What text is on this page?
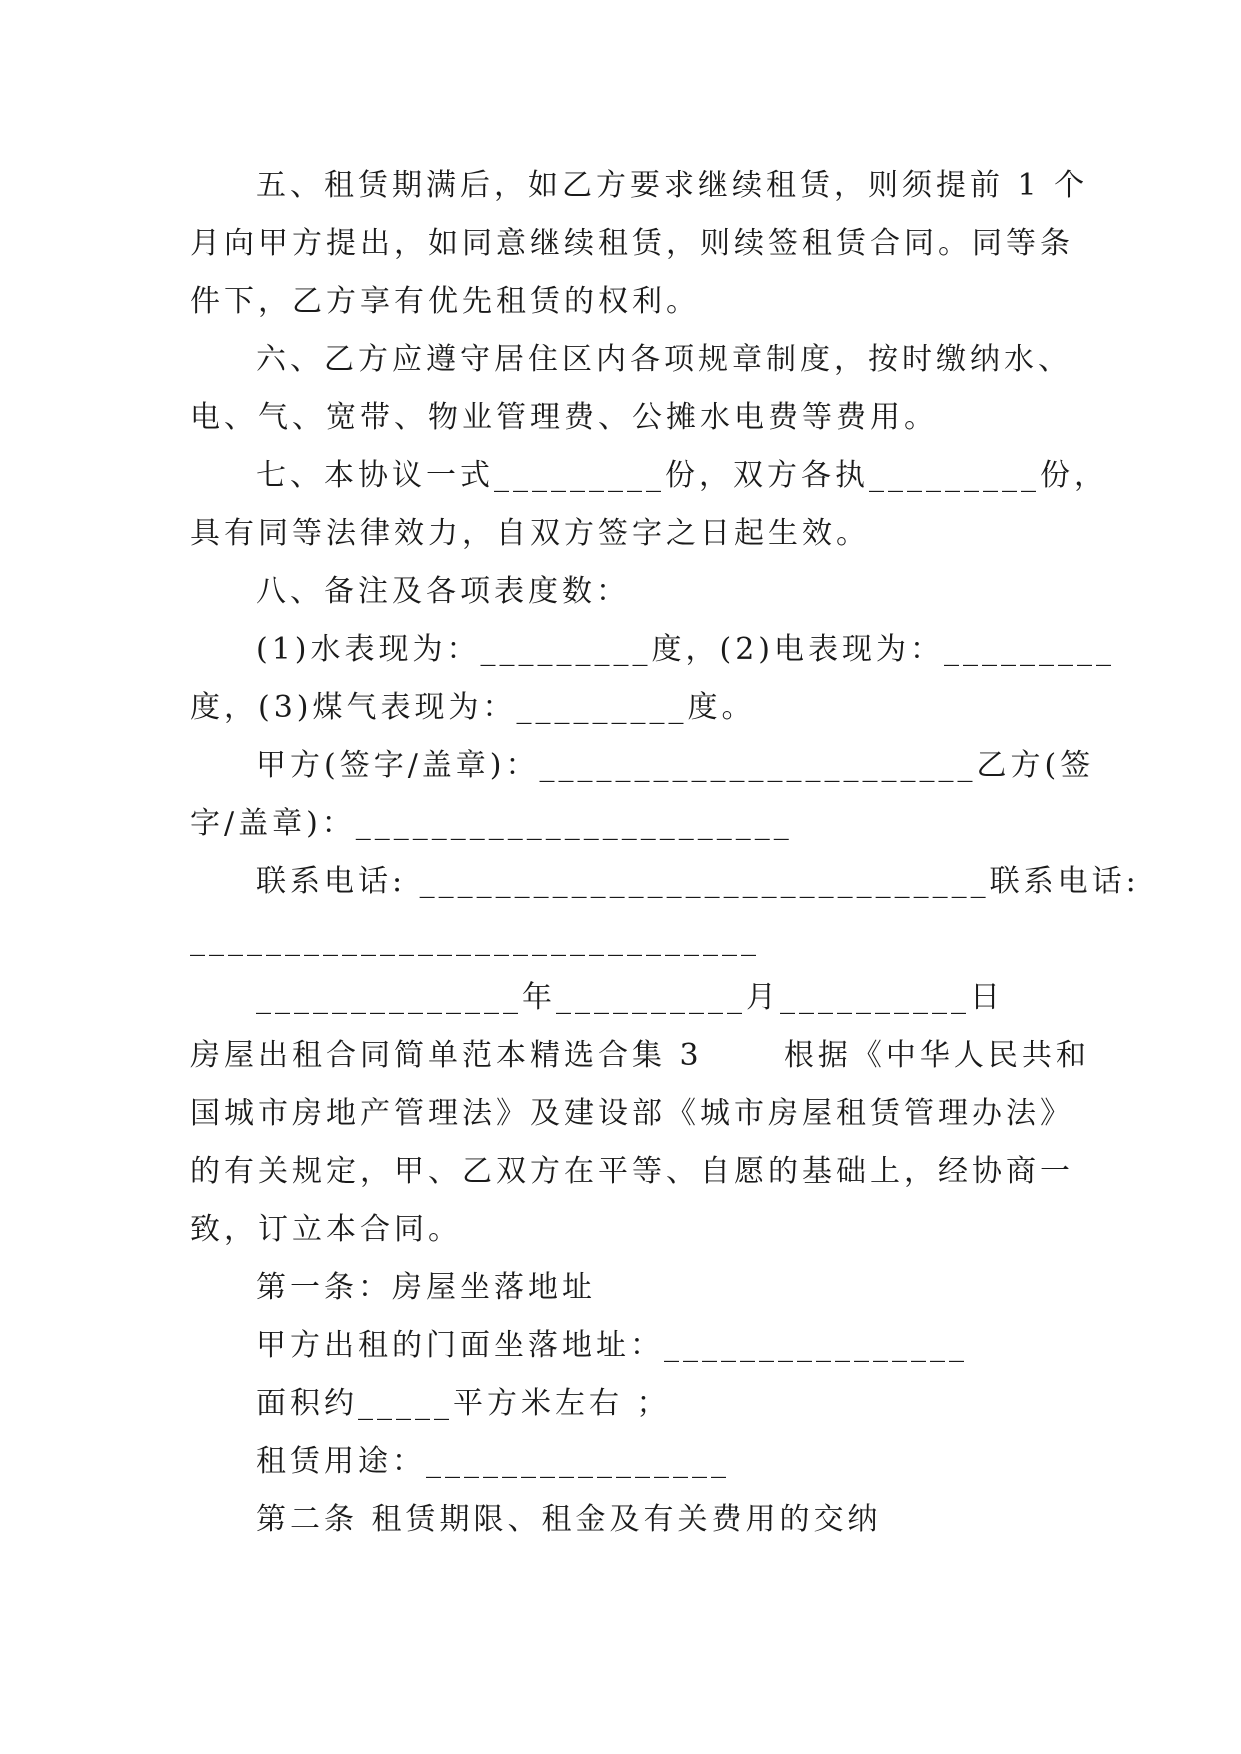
五、租赁期满后，如乙方要求继续租赁，则须提前 1 个
月向甲方提出，如同意继续租赁，则续签租赁合同。同等条
件下，乙方享有优先租赁的权利。
六、乙方应遵守居住区内各项规章制度，按时缴纳水、
电、气、宽带、物业管理费、公摊水电费等费用。
七、本协议一式_________份，双方各执_________份，
具有同等法律效力，自双方签字之日起生效。
八、备注及各项表度数：
(1)水表现为：_________度，(2)电表现为：_________
度，(3)煤气表现为：_________度。
甲方(签字/盖章)：_______________________乙方(签
字/盖章)：_______________________
联系电话: ______________________________联系电话:
______________________________
______________年__________月__________日
房屋出租合同简单范本精选合集 3      根据《中华人民共和
国城市房地产管理法》及建设部《城市房屋租赁管理办法》
的有关规定，甲、乙双方在平等、自愿的基础上，经协商一
致，订立本合同。
第一条：房屋坐落地址
甲方出租的门面坐落地址：________________
面积约_____平方米左右 ；
租赁用途：________________
第二条 租赁期限、租金及有关费用的交纳
